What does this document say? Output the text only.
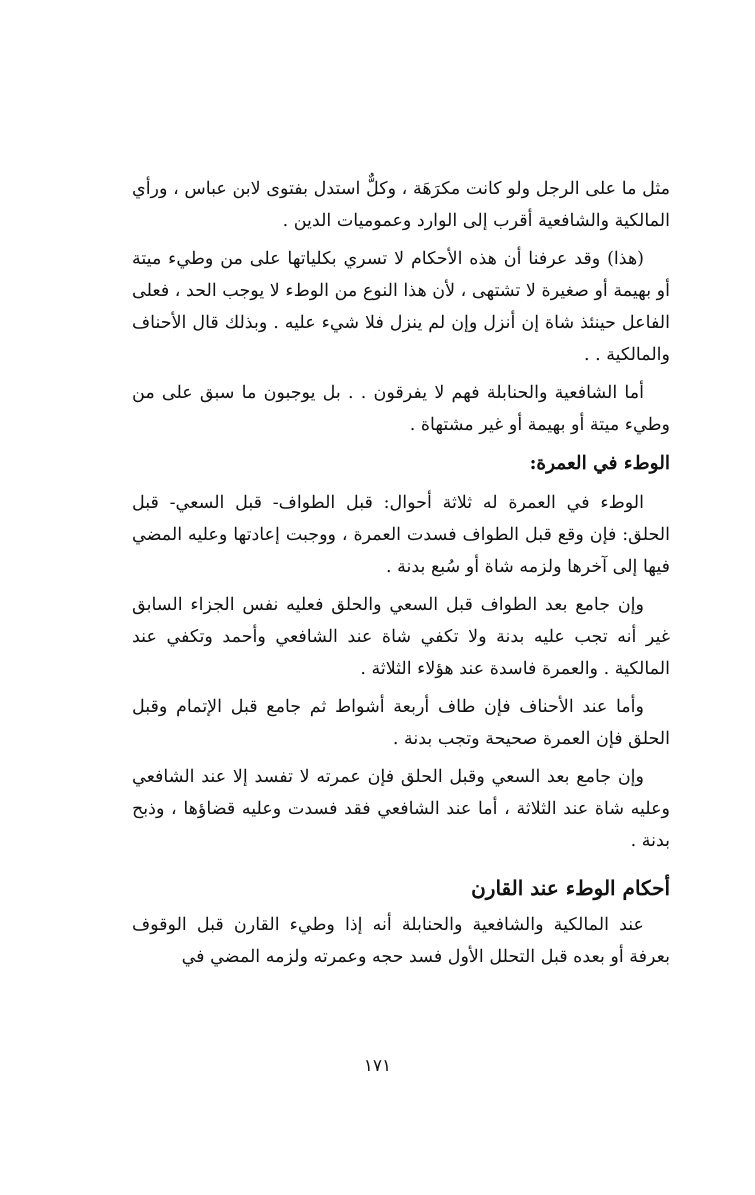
مثل ما على الرجل ولو كانت مكرَهَة ، وكلٌّ استدل بفتوى لابن عباس ، ورأي المالكية والشافعية أقرب إلى الوارد وعموميات الدين .

(هذا) وقد عرفنا أن هذه الأحكام لا تسري بكلياتها على من وطيء ميتة أو بهيمة أو صغيرة لا تشتهى ، لأن هذا النوع من الوطء لا يوجب الحد ، فعلى الفاعل حينئذ شاة إن أنزل وإن لم ينزل فلا شيء عليه . وبذلك قال الأحناف والمالكية . .

أما الشافعية والحنابلة فهم لا يفرقون . . بل يوجبون ما سبق على من وطيء ميتة أو بهيمة أو غير مشتهاة .

الوطء في العمرة:

الوطء في العمرة له ثلاثة أحوال: قبل الطواف- قبل السعي- قبل الحلق: فإن وقع قبل الطواف فسدت العمرة ، ووجبت إعادتها وعليه المضي فيها إلى آخرها ولزمه شاة أو سُبع بدنة .

وإن جامع بعد الطواف قبل السعي والحلق فعليه نفس الجزاء السابق غير أنه تجب عليه بدنة ولا تكفي شاة عند الشافعي وأحمد وتكفي عند المالكية . والعمرة فاسدة عند هؤلاء الثلاثة .

وأما عند الأحناف فإن طاف أربعة أشواط ثم جامع قبل الإتمام وقبل الحلق فإن العمرة صحيحة وتجب بدنة .

وإن جامع بعد السعي وقبل الحلق فإن عمرته لا تفسد إلا عند الشافعي وعليه شاة عند الثلاثة ، أما عند الشافعي فقد فسدت وعليه قضاؤها ، وذبح بدنة .

أحكام الوطء عند القارن

عند المالكية والشافعية والحنابلة أنه إذا وطيء القارن قبل الوقوف بعرفة أو بعده قبل التحلل الأول فسد حجه وعمرته ولزمه المضي في

١٧١
